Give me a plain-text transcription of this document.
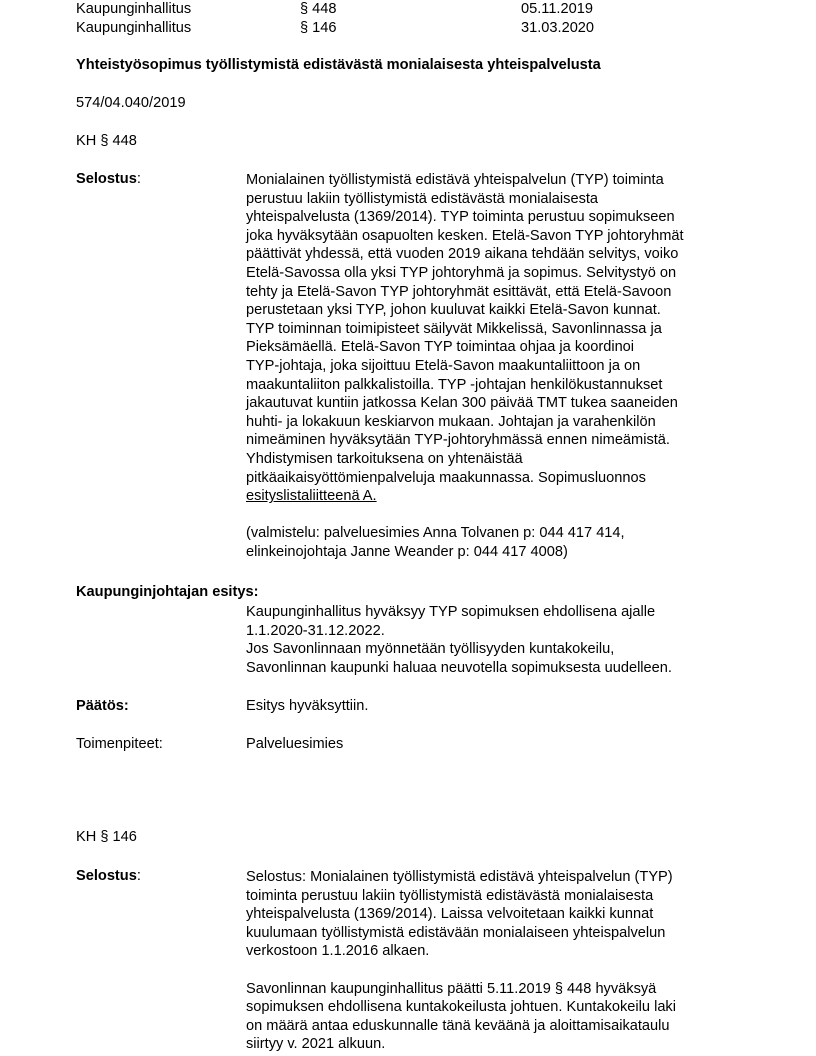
Kaupunginhallitus	§ 448	05.11.2019
Kaupunginhallitus	§ 146	31.03.2020
Yhteistyösopimus työllistymistä edistävästä monialaisesta yhteispalvelusta
574/04.040/2019
KH § 448
Selostus:	Monialainen työllistymistä edistävä yhteispalvelun (TYP) toiminta

perustuu lakiin työllistymistä edistävästä monialaisesta

yhteispalvelusta (1369/2014). TYP toiminta perustuu sopimukseen

joka hyväksytään osapuolten kesken. Etelä-Savon TYP johtoryhmät

päättivät yhdessä, että vuoden 2019 aikana tehdään selvitys, voiko

Etelä-Savossa olla yksi TYP johtoryhmä ja sopimus. Selvitystyö on

tehty ja Etelä-Savon TYP johtoryhmät esittävät, että Etelä-Savoon

perustetaan yksi TYP, johon kuuluvat kaikki Etelä-Savon kunnat.

TYP toiminnan toimipisteet säilyvät Mikkelissä, Savonlinnassa ja

Pieksämäellä. Etelä-Savon TYP toimintaa ohjaa ja koordinoi

TYP-johtaja, joka sijoittuu Etelä-Savon maakuntaliittoon ja on

maakuntaliiton palkkalistoilla. TYP -johtajan henkilökustannukset

jakautuvat kuntiin jatkossa Kelan 300 päivää TMT tukea saaneiden

huhti- ja lokakuun keskiarvon mukaan. Johtajan ja varahenkilön

nimeäminen hyväksytään TYP-johtoryhmässä ennen nimeämistä.

Yhdistymisen tarkoituksena on yhtenäistää

pitkäaikaisyöttömienpalveluja maakunnassa. Sopimusluonnos

esityslistaliitteenä A.

(valmistelu: palveluesimies Anna Tolvanen p: 044 417 414,

elinkeinojohtaja Janne Weander p: 044 417 4008)

Kaupunginjohtajan esitys:

Kaupunginhallitus hyväksyy TYP sopimuksen ehdollisena ajalle

1.1.2020-31.12.2022.

Jos Savonlinnaan myönnetään työllisyyden kuntakokeilu,

Savonlinnan kaupunki haluaa neuvotella sopimuksesta uudelleen.

Päätös:	Esitys hyväksyttiin.
Toimenpiteet:	Palveluesimies
KH § 146
Selostus:	Selostus: Monialainen työllistymistä edistävä yhteispalvelun (TYP)

toiminta perustuu lakiin työllistymistä edistävästä monialaisesta

yhteispalvelusta (1369/2014). Laissa velvoitetaan kaikki kunnat

kuulumaan työllistymistä edistävään monialaiseen yhteispalvelun

verkostoon 1.1.2016 alkaen.

Savonlinnan kaupunginhallitus päätti 5.11.2019 § 448 hyväksyä

sopimuksen ehdollisena kuntakokeilusta johtuen. Kuntakokeilu laki

on määrä antaa eduskunnalle tänä keväänä ja aloittamisaikataulu

siirtyy v. 2021 alkuun.
